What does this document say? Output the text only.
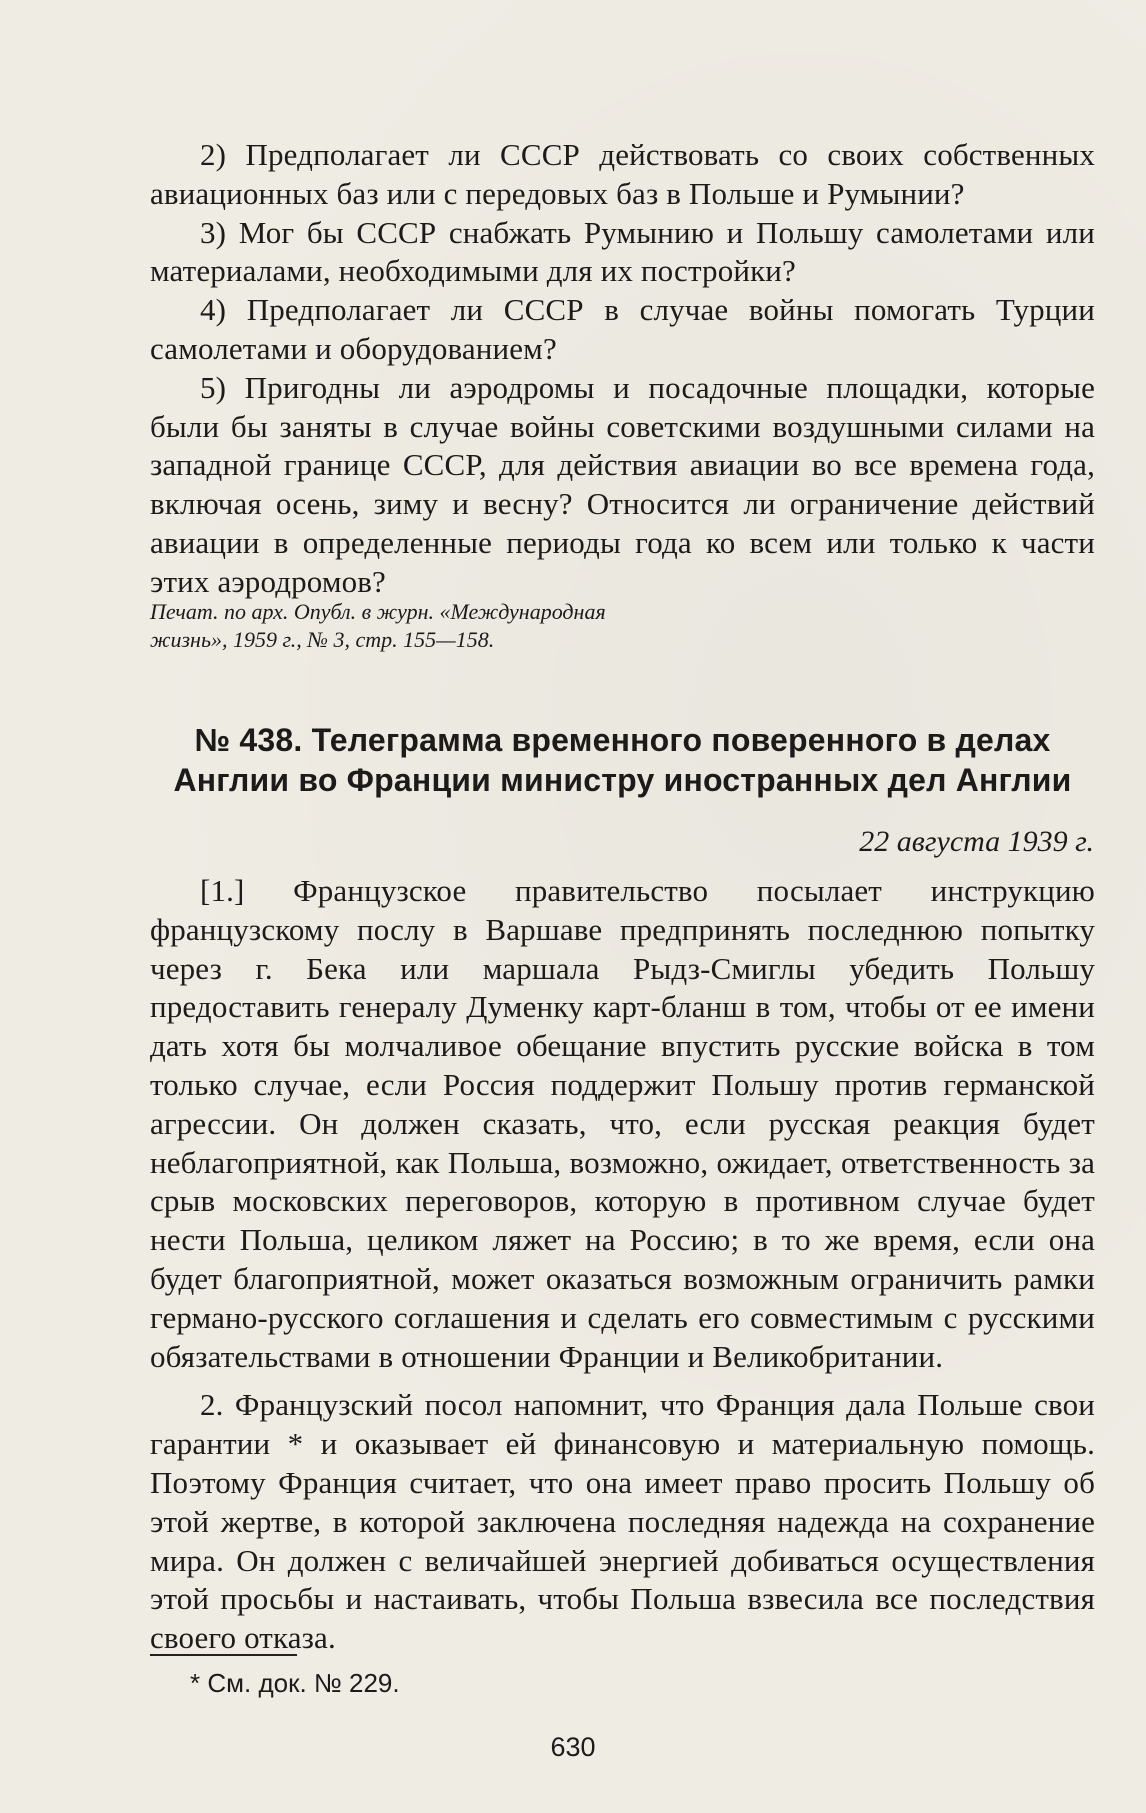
2) Предполагает ли СССР действовать со своих собственных авиационных баз или с передовых баз в Польше и Румынии?

3) Мог бы СССР снабжать Румынию и Польшу самолетами или материалами, необходимыми для их постройки?

4) Предполагает ли СССР в случае войны помогать Турции самолетами и оборудованием?

5) Пригодны ли аэродромы и посадочные площадки, которые были бы заняты в случае войны советскими воздушными силами на западной границе СССР, для действия авиации во все времена года, включая осень, зиму и весну? Относится ли ограничение действий авиации в определенные периоды года ко всем или только к части этих аэродромов?

Печат. по арх. Опубл. в журн. «Международная жизнь», 1959 г., № 3, стр. 155—158.

№ 438. Телеграмма временного поверенного в делах Англии во Франции министру иностранных дел Англии

22 августа 1939 г.

[1.] Французское правительство посылает инструкцию французскому послу в Варшаве предпринять последнюю попытку через г. Бека или маршала Рыдз-Смиглы убедить Польшу предоставить генералу Думенку карт-бланш в том, чтобы от ее имени дать хотя бы молчаливое обещание впустить русские войска в том только случае, если Россия поддержит Польшу против германской агрессии. Он должен сказать, что, если русская реакция будет неблагоприятной, как Польша, возможно, ожидает, ответственность за срыв московских переговоров, которую в противном случае будет нести Польша, целиком ляжет на Россию; в то же время, если она будет благоприятной, может оказаться возможным ограничить рамки германо-русского соглашения и сделать его совместимым с русскими обязательствами в отношении Франции и Великобритании.

2. Французский посол напомнит, что Франция дала Польше свои гарантии * и оказывает ей финансовую и материальную помощь. Поэтому Франция считает, что она имеет право просить Польшу об этой жертве, в которой заключена последняя надежда на сохранение мира. Он должен с величайшей энергией добиваться осуществления этой просьбы и настаивать, чтобы Польша взвесила все последствия своего отказа.

* См. док. № 229.

630
